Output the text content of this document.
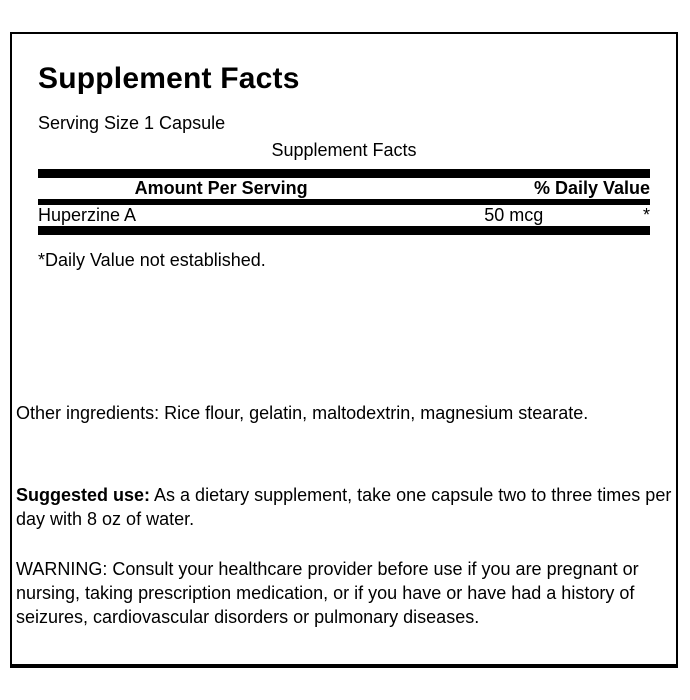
Supplement Facts
Serving Size 1 Capsule
Supplement Facts
	Amount Per Serving	% Daily Value
Huperzine A	50 mcg	*
*Daily Value not established.

Other ingredients: Rice flour, gelatin, maltodextrin, magnesium stearate.

Suggested use: As a dietary supplement, take one capsule two to three times per day with 8 oz of water.

WARNING: Consult your healthcare provider before use if you are pregnant or nursing, taking prescription medication, or if you have or have had a history of seizures, cardiovascular disorders or pulmonary diseases.
